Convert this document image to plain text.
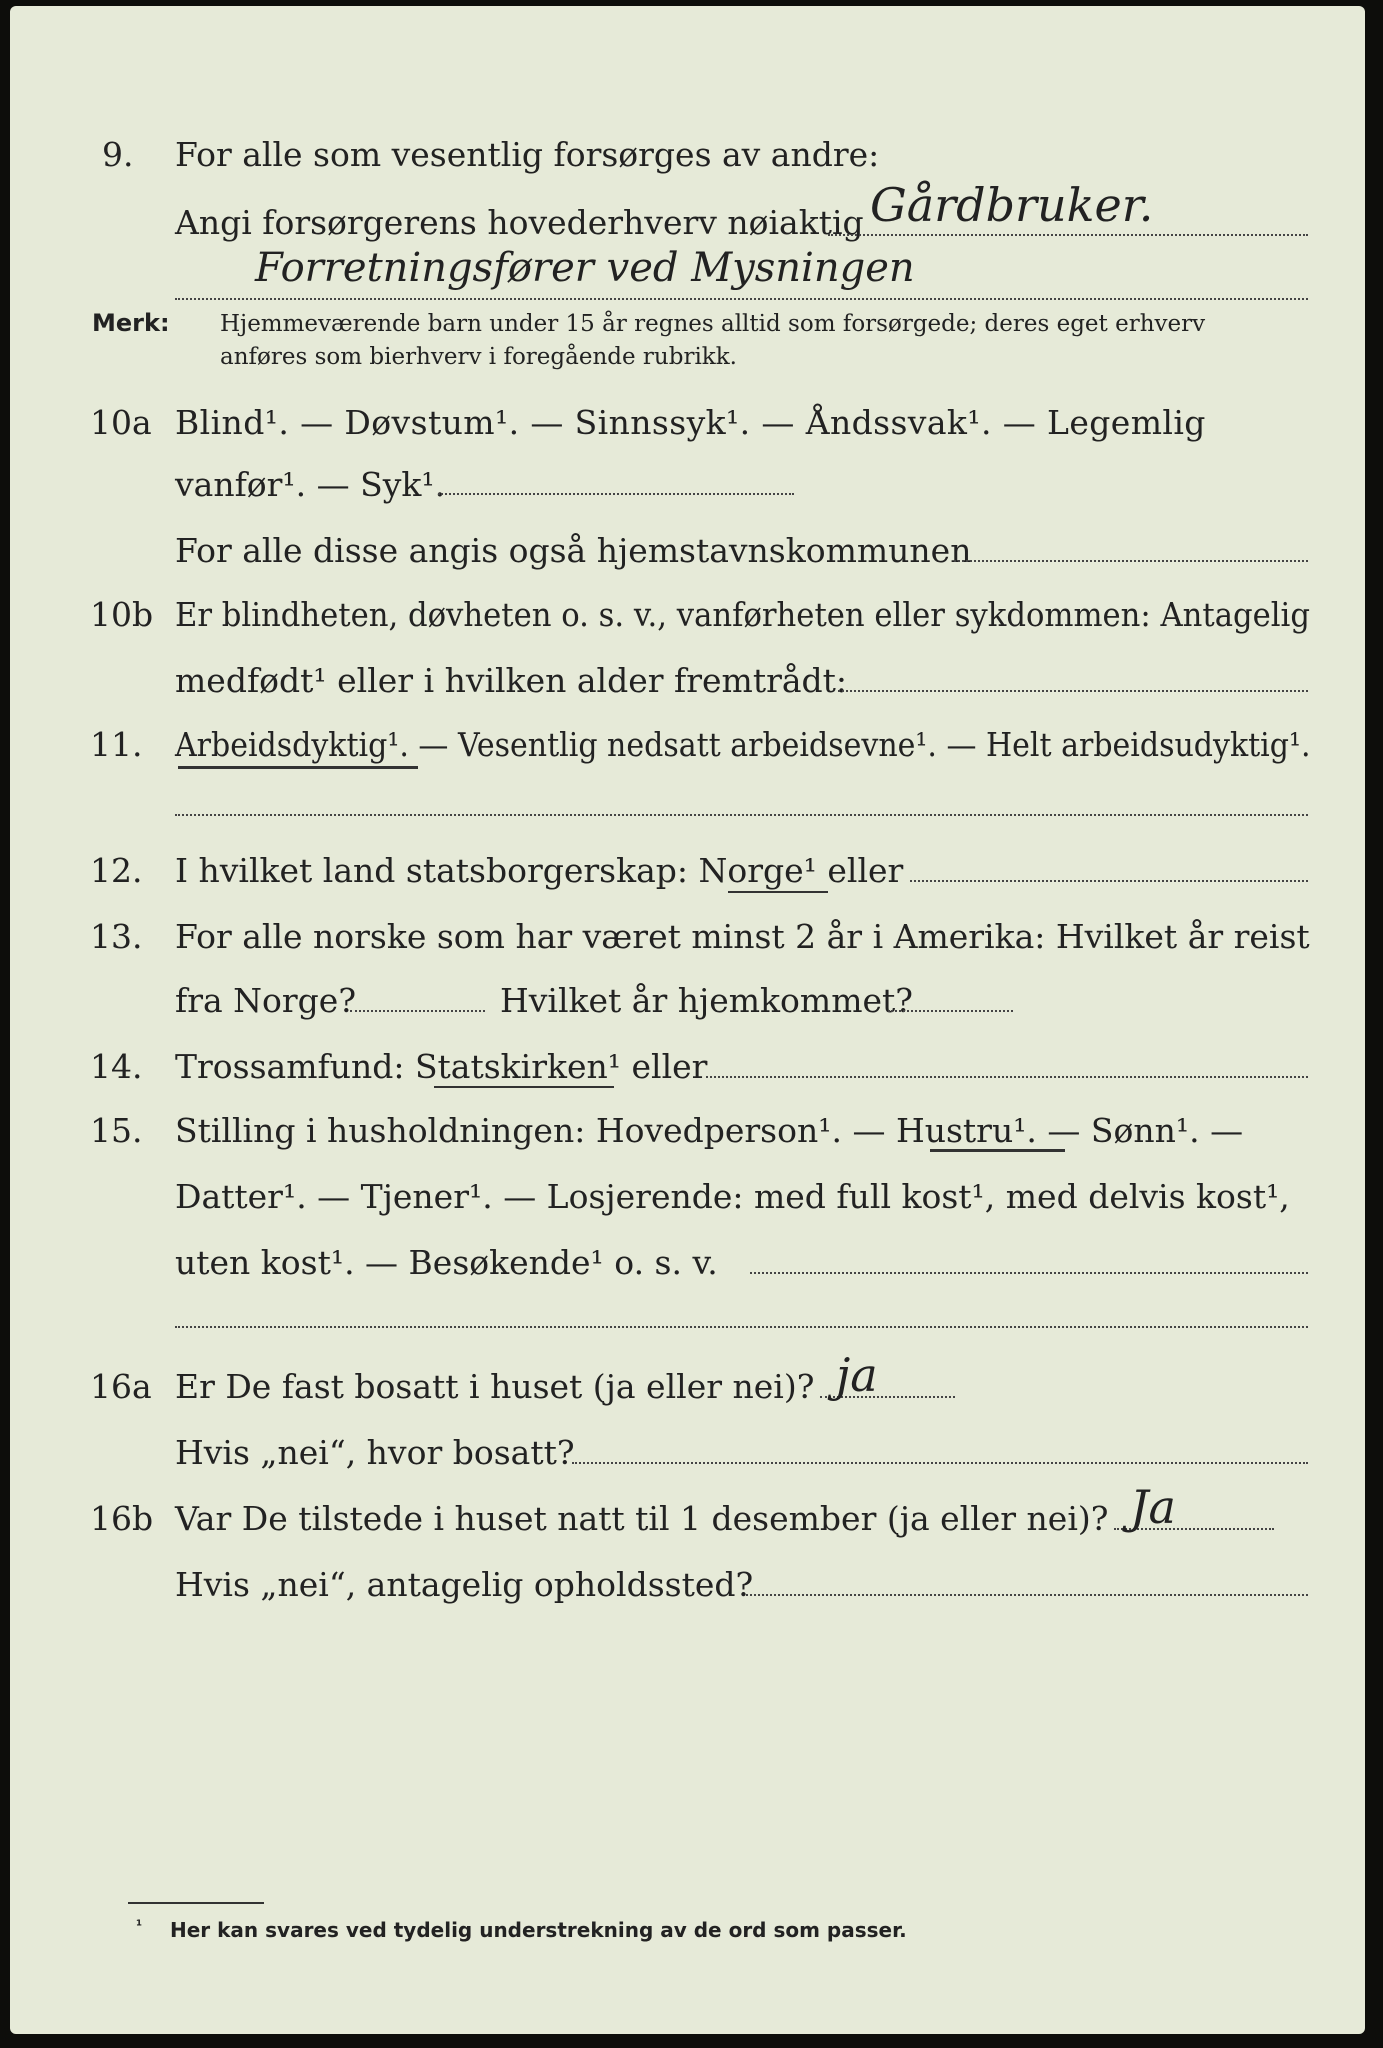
9. For alle som vesentlig forsørges av andre:
Angi forsørgerens hovederhverv nøiaktig Gårdbruker.
Forretningsfører ved Mysningen
Merk: Hjemmeværende barn under 15 år regnes alltid som forsørgede; deres eget erhverv
anføres som bierhverv i foregående rubrikk.
10a Blind¹. — Døvstum¹. — Sinnssyk¹. — Åndssvak¹. — Legemlig
vanfør¹. — Syk¹.
For alle disse angis også hjemstavnskommunen
10b Er blindheten, døvheten o. s. v., vanførheten eller sykdommen: Antagelig
medfødt¹ eller i hvilken alder fremtrådt:
11. Arbeidsdyktig¹. — Vesentlig nedsatt arbeidsevne¹. — Helt arbeidsudyktig¹.
12. I hvilket land statsborgerskap: Norge¹ eller
13. For alle norske som har været minst 2 år i Amerika: Hvilket år reist
fra Norge?	Hvilket år hjemkommet?
14. Trossamfund: Statskirken¹ eller
15. Stilling i husholdningen: Hovedperson¹. — Hustru¹. — Sønn¹. —
Datter¹. — Tjener¹. — Losjerende: med full kost¹, med delvis kost¹,
uten kost¹. — Besøkende¹ o. s. v.
16a Er De fast bosatt i huset (ja eller nei)? ja
Hvis „nei“, hvor bosatt?
16b Var De tilstede i huset natt til 1 desember (ja eller nei)? Ja
Hvis „nei“, antagelig opholdssted?
¹ Her kan svares ved tydelig understrekning av de ord som passer.
